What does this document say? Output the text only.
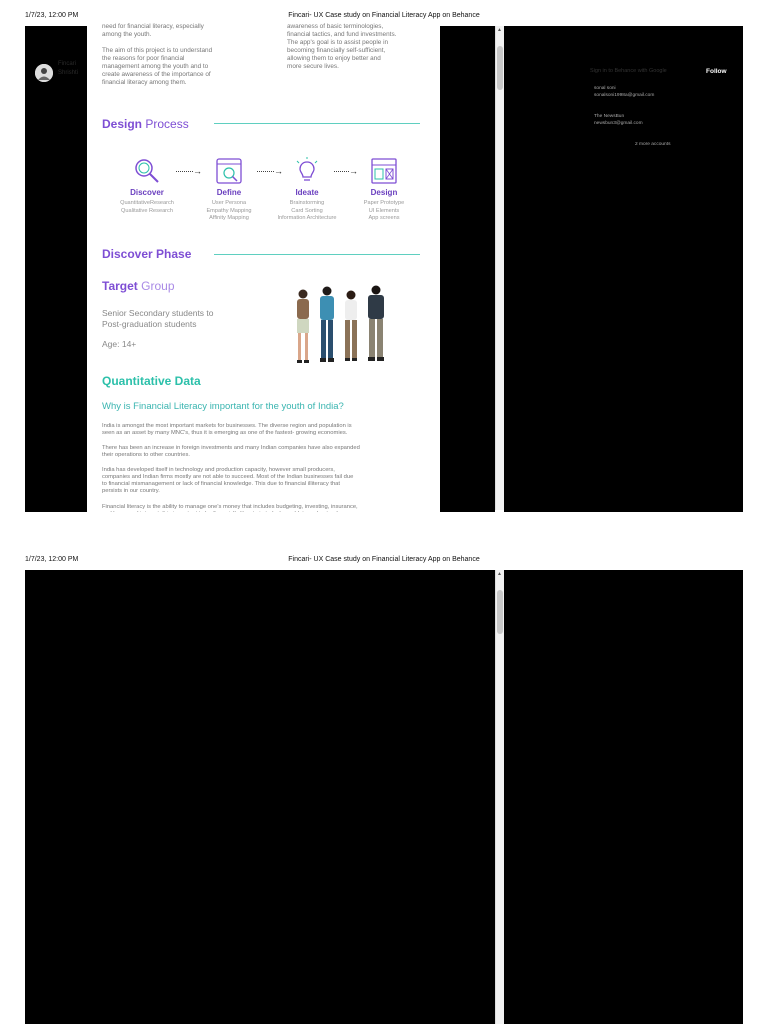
1/7/23, 12:00 PM	Fincari- UX Case study on Financial Literacy App on Behance
Fincari
Shrishti
need for financial literacy, especially
among the youth.
The aim of this project is to understand
the reasons for poor financial
management among the youth and to
create awareness of the importance of
financial literacy among them.
awareness of basic terminologies,
financial tactics, and fund investments.
The app's goal is to assist people in
becoming financially self-sufficient,
allowing them to enjoy better and
more secure lives.
Design Process
Discover
QuantitativeResearch
Qualitative Research
·········→
Define
User Persona
Empathy Mapping
Affinity Mapping
·········→
Ideate
Brainstorming
Card Sorting
Information Architecture
········→
Design
Paper Prototype
UI Elements
App screens
Discover Phase
Target Group
Senior Secondary students to
Post-graduation students
Age: 14+
Quantitative Data
Why is Financial Literacy important for the youth of India?
India is amongst the most important markets for businesses. The diverse region and population is
seen as an asset by many MNC's, thus it is emerging as one of the fastest- growing economies.
There has been an increase in foreign investments and many Indian companies have also expanded
their operations to other countries.
India has developed itself in technology and production capacity, however small producers,
companies and Indian firms mostly are not able to succeed. Most of the Indian businesses fail due
to financial mismanagement or lack of financial knowledge. This due to financial illiteracy that
persists in our country.
Financial literacy is the ability to manage one's money that includes budgeting, investing, insurance,
▲
Sign in to Behance with Google
sonal soni
sonalsoni1998a@gmail.com
The NewsBun
newsbun3@gmail.com
2 more accounts
Follow
1/7/23, 12:00 PM	Fincari- UX Case study on Financial Literacy App on Behance
▲
